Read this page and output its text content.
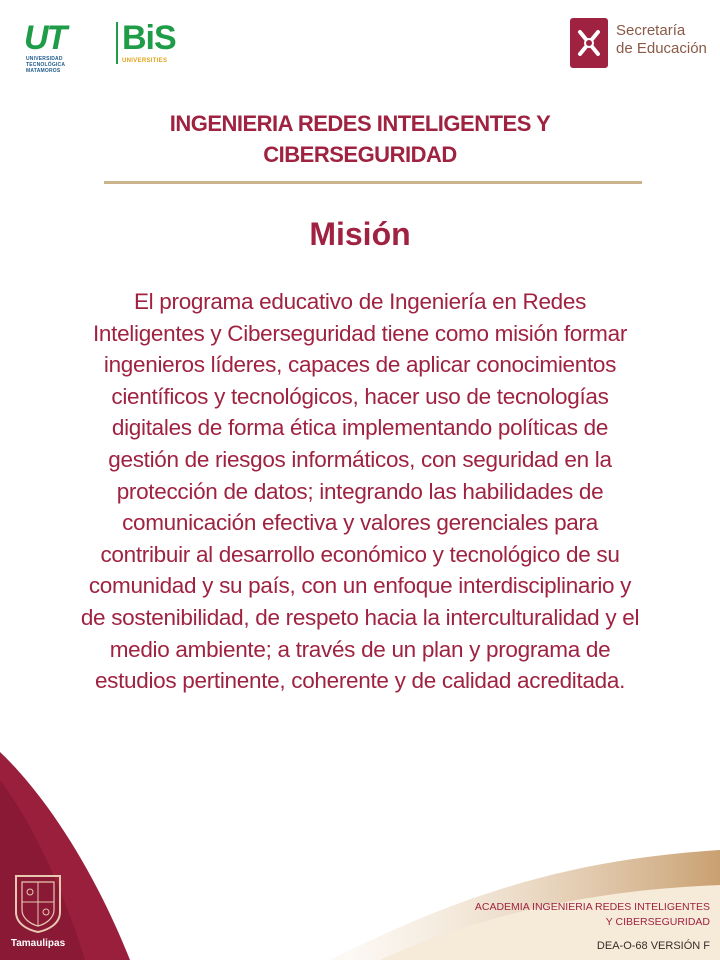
UT
UNIVERSIDAD TECNOLÓGICA MATAMOROS
BiS
UNIVERSITIES
Secretaría
de Educación
INGENIERIA REDES INTELIGENTES Y
CIBERSEGURIDAD
Misión
El programa educativo de Ingeniería en Redes Inteligentes y Ciberseguridad tiene como misión formar ingenieros líderes, capaces de aplicar conocimientos científicos y tecnológicos, hacer uso de tecnologías digitales de forma ética implementando políticas de gestión de riesgos informáticos, con seguridad en la protección de datos; integrando las habilidades de comunicación efectiva y valores gerenciales para contribuir al desarrollo económico y tecnológico de su comunidad y su país, con un enfoque interdisciplinario y de sostenibilidad, de respeto hacia la interculturalidad y el medio ambiente; a través de un plan y programa de estudios pertinente, coherente y de calidad acreditada.
Tamaulipas
ACADEMIA INGENIERIA REDES INTELIGENTES
Y CIBERSEGURIDAD
DEA-O-68 VERSIÓN F
